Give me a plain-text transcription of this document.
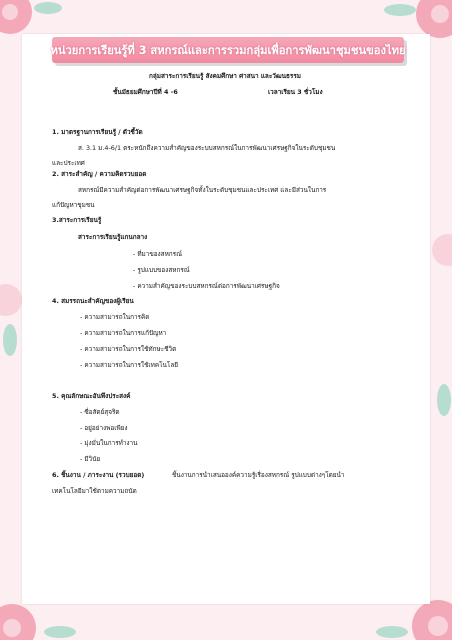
หน่วยการเรียนรู้ที่ 3 สหกรณ์และการรวมกลุ่มเพื่อการพัฒนาชุมชนของไทย
กลุ่มสาระการเรียนรู้ สังคมศึกษา ศาสนา และวัฒนธรรม
ชั้นมัธยมศึกษาปีที่ 4 -6	เวลาเรียน 3 ชั่วโมง
1. มาตรฐานการเรียนรู้ / ตัวชี้วัด
ส. 3.1 ม.4-6/1 ตระหนักถึงความสำคัญของระบบสหกรณ์ในการพัฒนาเศรษฐกิจในระดับชุมชน
และประเทศ
2. สาระสำคัญ / ความคิดรวบยอด
สหกรณ์มีความสำคัญต่อการพัฒนาเศรษฐกิจทั้งในระดับชุมชนและประเทศ และมีส่วนในการ
แก้ปัญหาชุมชน
3.สาระการเรียนรู้
สาระการเรียนรู้แกนกลาง
- ที่มาของสหกรณ์
- รูปแบบของสหกรณ์
- ความสำคัญของระบบสหกรณ์ต่อการพัฒนาเศรษฐกิจ
4. สมรรถนะสำคัญของผู้เรียน
- ความสามารถในการคิด
- ความสามารถในการแก้ปัญหา
- ความสามารถในการใช้ทักษะชีวิต
- ความสามารถในการใช้เทคโนโลยี
5. คุณลักษณะอันพึงประสงค์
- ซื่อสัตย์สุจริต
- อยู่อย่างพอเพียง
- มุ่งมั่นในการทำงาน
- มีวินัย
6. ชิ้นงาน / ภาระงาน (รวบยอด)	ชิ้นงานการนำเสนอองค์ความรู้เรื่องสหกรณ์ รูปแบบต่างๆโดยนำ
เทคโนโลยีมาใช้ตามความถนัด
